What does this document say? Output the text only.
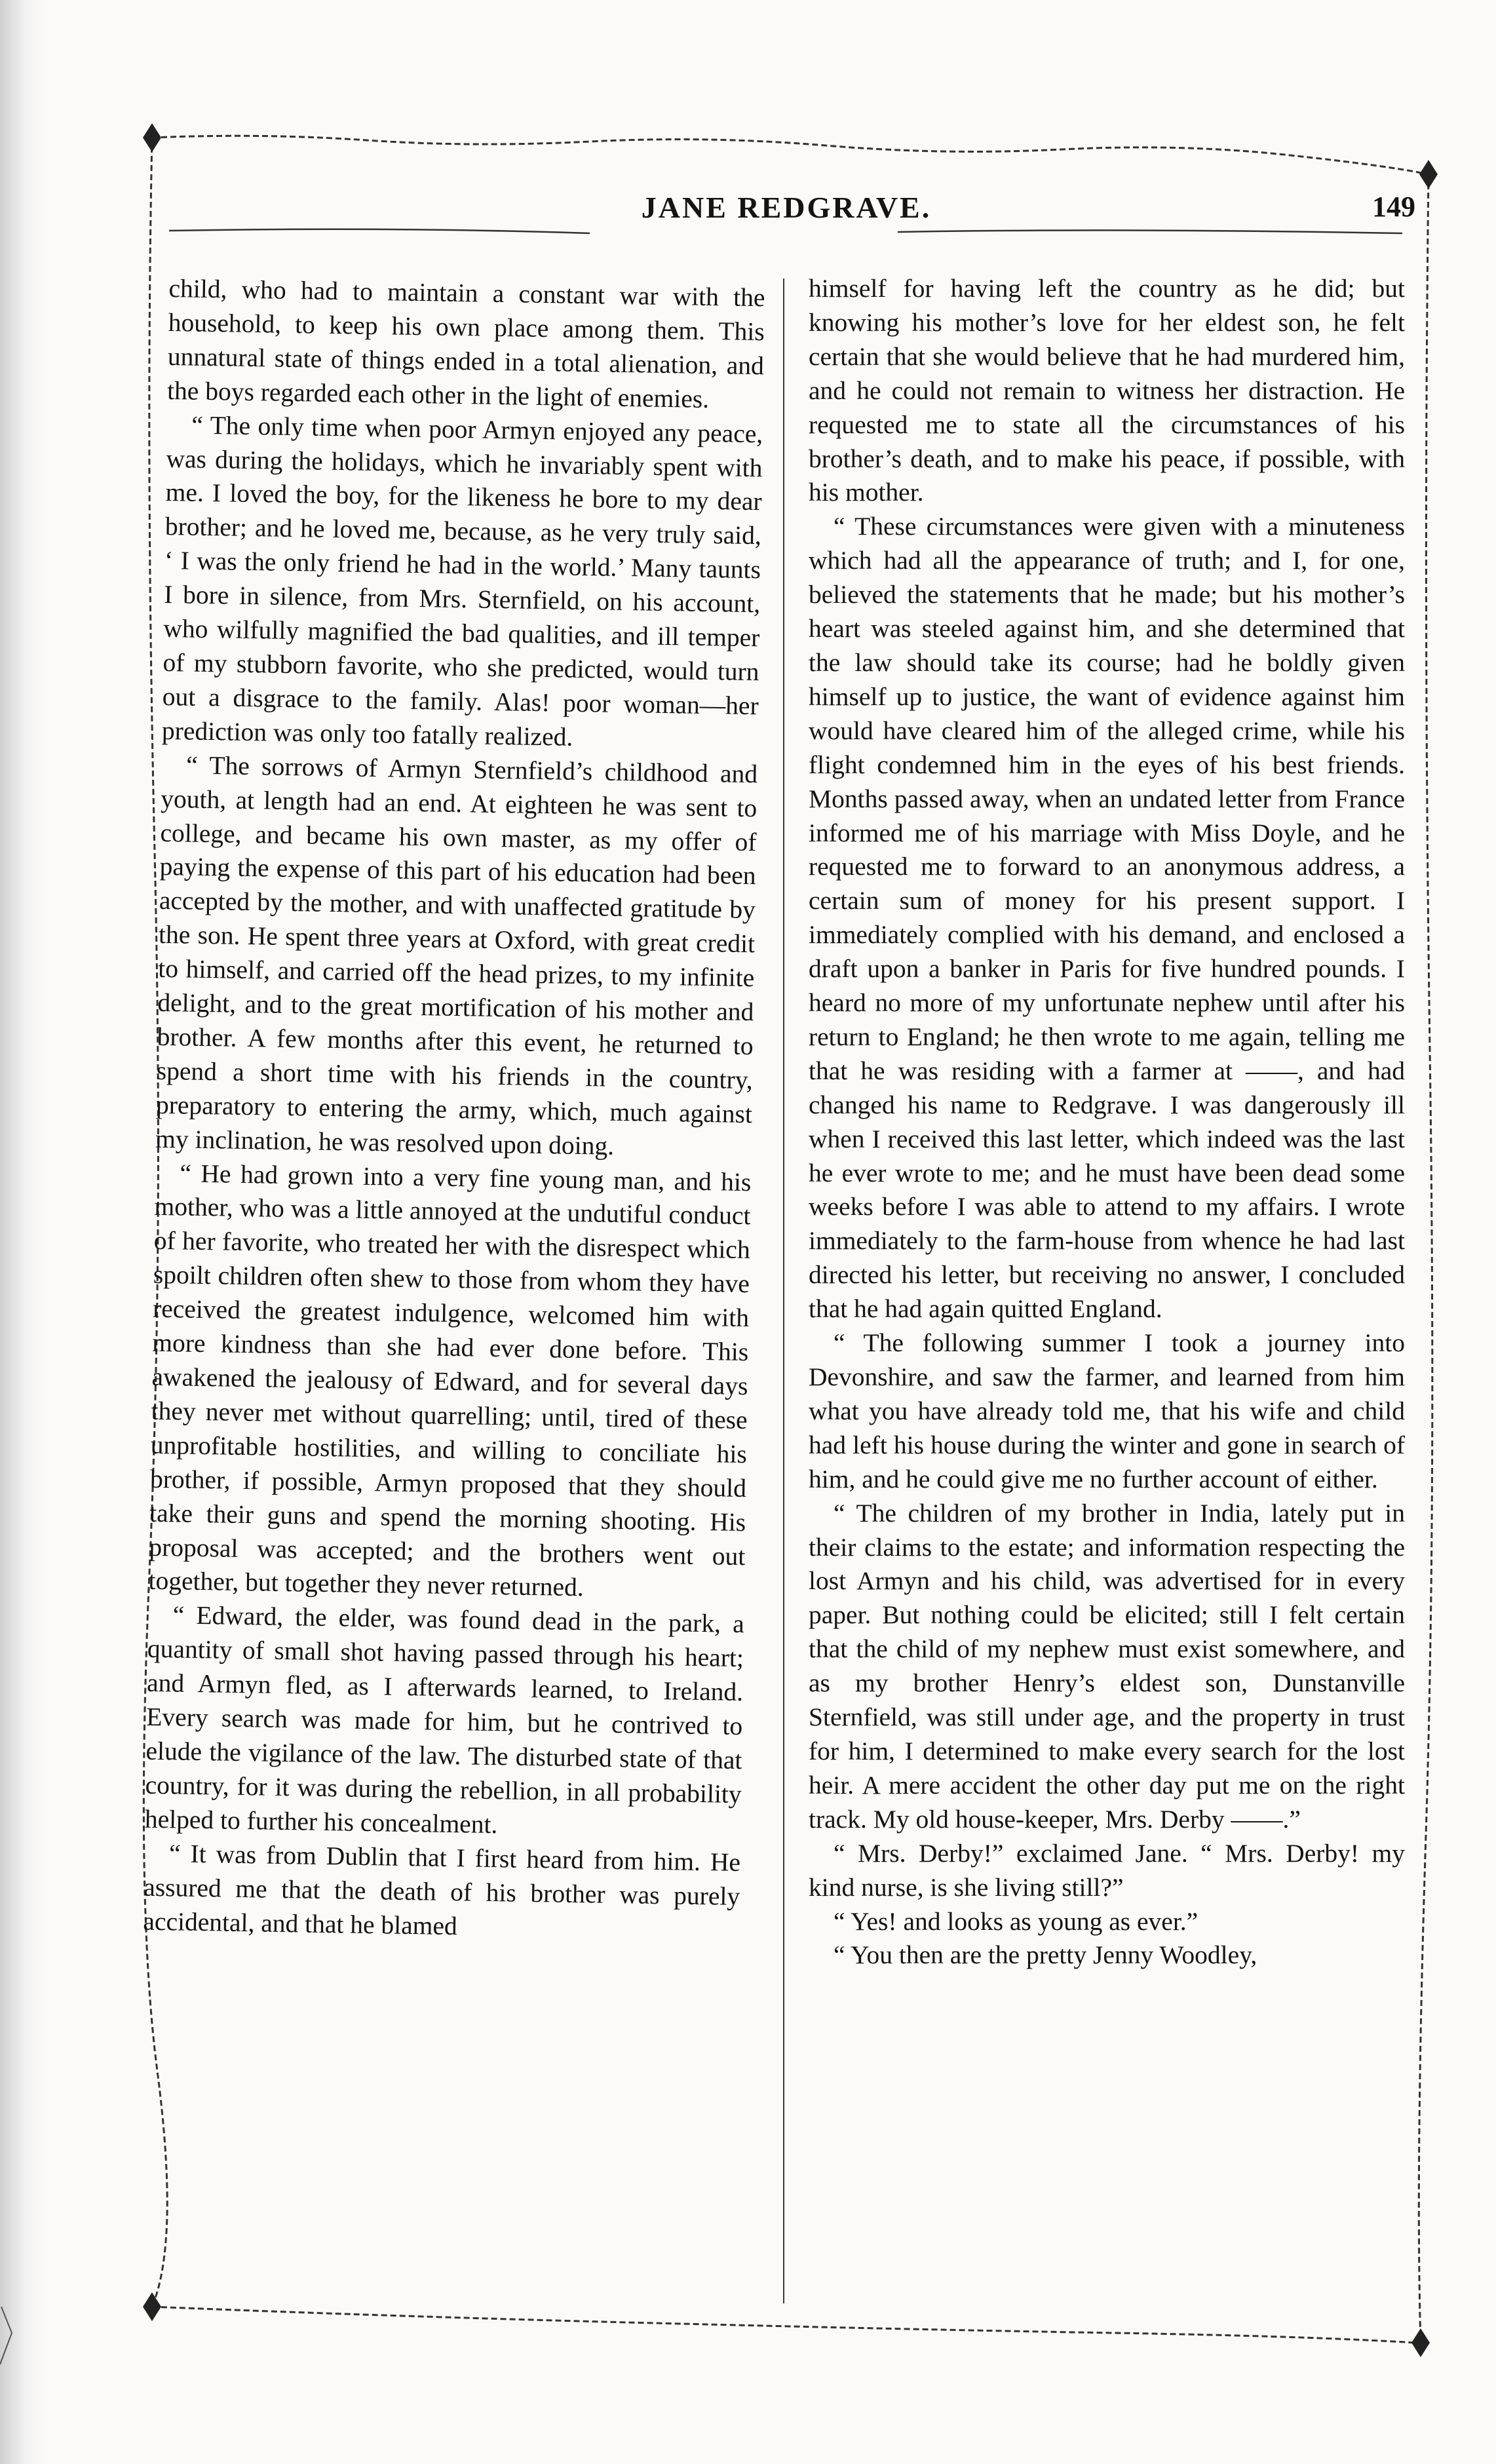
JANE REDGRAVE.	149

child, who had to maintain a constant war with the household, to keep his own place among them. This unnatural state of things ended in a total alienation, and the boys regarded each other in the light of enemies.

“ The only time when poor Armyn enjoyed any peace, was during the holidays, which he invariably spent with me. I loved the boy, for the likeness he bore to my dear brother; and he loved me, because, as he very truly said, ‘ I was the only friend he had in the world.’ Many taunts I bore in silence, from Mrs. Sternfield, on his account, who wilfully magnified the bad qualities, and ill temper of my stubborn favorite, who she predicted, would turn out a disgrace to the family. Alas! poor woman—her prediction was only too fatally realized.

“ The sorrows of Armyn Sternfield’s childhood and youth, at length had an end. At eighteen he was sent to college, and became his own master, as my offer of paying the expense of this part of his education had been accepted by the mother, and with unaffected gratitude by the son. He spent three years at Oxford, with great credit to himself, and carried off the head prizes, to my infinite delight, and to the great mortification of his mother and brother. A few months after this event, he returned to spend a short time with his friends in the country, preparatory to entering the army, which, much against my inclination, he was resolved upon doing.

“ He had grown into a very fine young man, and his mother, who was a little annoyed at the undutiful conduct of her favorite, who treated her with the disrespect which spoilt children often shew to those from whom they have received the greatest indulgence, welcomed him with more kindness than she had ever done before. This awakened the jealousy of Edward, and for several days they never met without quarrelling; until, tired of these unprofitable hostilities, and willing to conciliate his brother, if possible, Armyn proposed that they should take their guns and spend the morning shooting. His proposal was accepted; and the brothers went out together, but together they never returned.

“ Edward, the elder, was found dead in the park, a quantity of small shot having passed through his heart; and Armyn fled, as I afterwards learned, to Ireland. Every search was made for him, but he contrived to elude the vigilance of the law. The disturbed state of that country, for it was during the rebellion, in all probability helped to further his concealment.

“ It was from Dublin that I first heard from him. He assured me that the death of his brother was purely accidental, and that he blamed

himself for having left the country as he did; but knowing his mother’s love for her eldest son, he felt certain that she would believe that he had murdered him, and he could not remain to witness her distraction. He requested me to state all the circumstances of his brother’s death, and to make his peace, if possible, with his mother.

“ These circumstances were given with a minuteness which had all the appearance of truth; and I, for one, believed the statements that he made; but his mother’s heart was steeled against him, and she determined that the law should take its course; had he boldly given himself up to justice, the want of evidence against him would have cleared him of the alleged crime, while his flight condemned him in the eyes of his best friends. Months passed away, when an undated letter from France informed me of his marriage with Miss Doyle, and he requested me to forward to an anonymous address, a certain sum of money for his present support. I immediately complied with his demand, and enclosed a draft upon a banker in Paris for five hundred pounds. I heard no more of my unfortunate nephew until after his return to England; he then wrote to me again, telling me that he was residing with a farmer at ——, and had changed his name to Redgrave. I was dangerously ill when I received this last letter, which indeed was the last he ever wrote to me; and he must have been dead some weeks before I was able to attend to my affairs. I wrote immediately to the farm-house from whence he had last directed his letter, but receiving no answer, I concluded that he had again quitted England.

“ The following summer I took a journey into Devonshire, and saw the farmer, and learned from him what you have already told me, that his wife and child had left his house during the winter and gone in search of him, and he could give me no further account of either.

“ The children of my brother in India, lately put in their claims to the estate; and information respecting the lost Armyn and his child, was advertised for in every paper. But nothing could be elicited; still I felt certain that the child of my nephew must exist somewhere, and as my brother Henry’s eldest son, Dunstanville Sternfield, was still under age, and the property in trust for him, I determined to make every search for the lost heir. A mere accident the other day put me on the right track. My old house-keeper, Mrs. Derby ——.”

“ Mrs. Derby!” exclaimed Jane. “ Mrs. Derby! my kind nurse, is she living still?”

“ Yes! and looks as young as ever.”

“ You then are the pretty Jenny Woodley,
